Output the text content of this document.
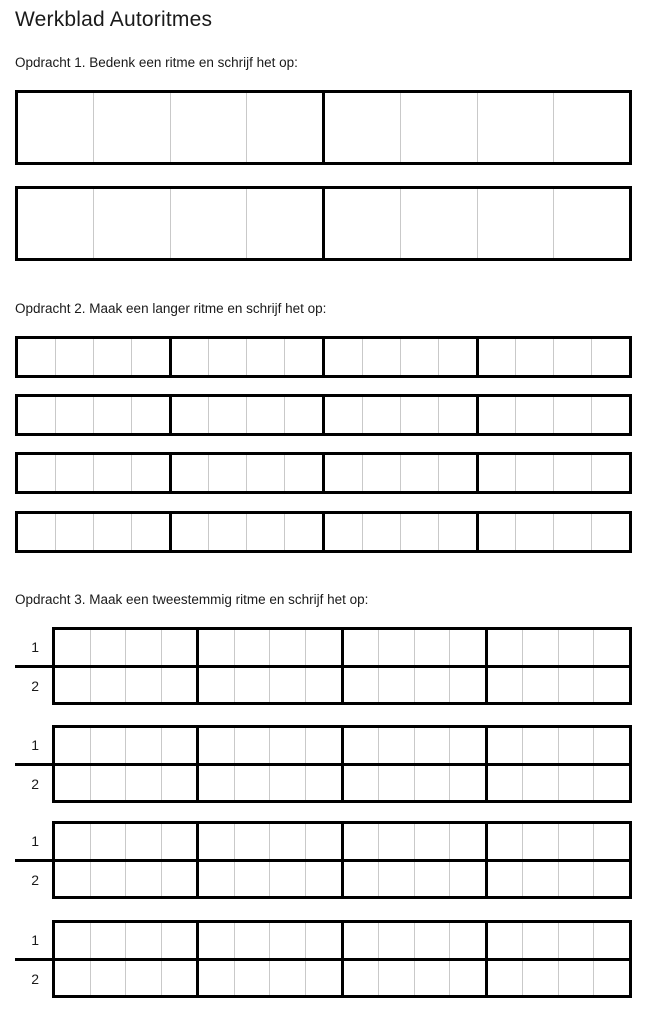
Werkblad Autoritmes

Opdracht 1. Bedenk een ritme en schrijf het op:

Opdracht 2. Maak een langer ritme en schrijf het op:

Opdracht 3. Maak een tweestemmig ritme en schrijf het op:

1
2
1
2
1
2
1
2
